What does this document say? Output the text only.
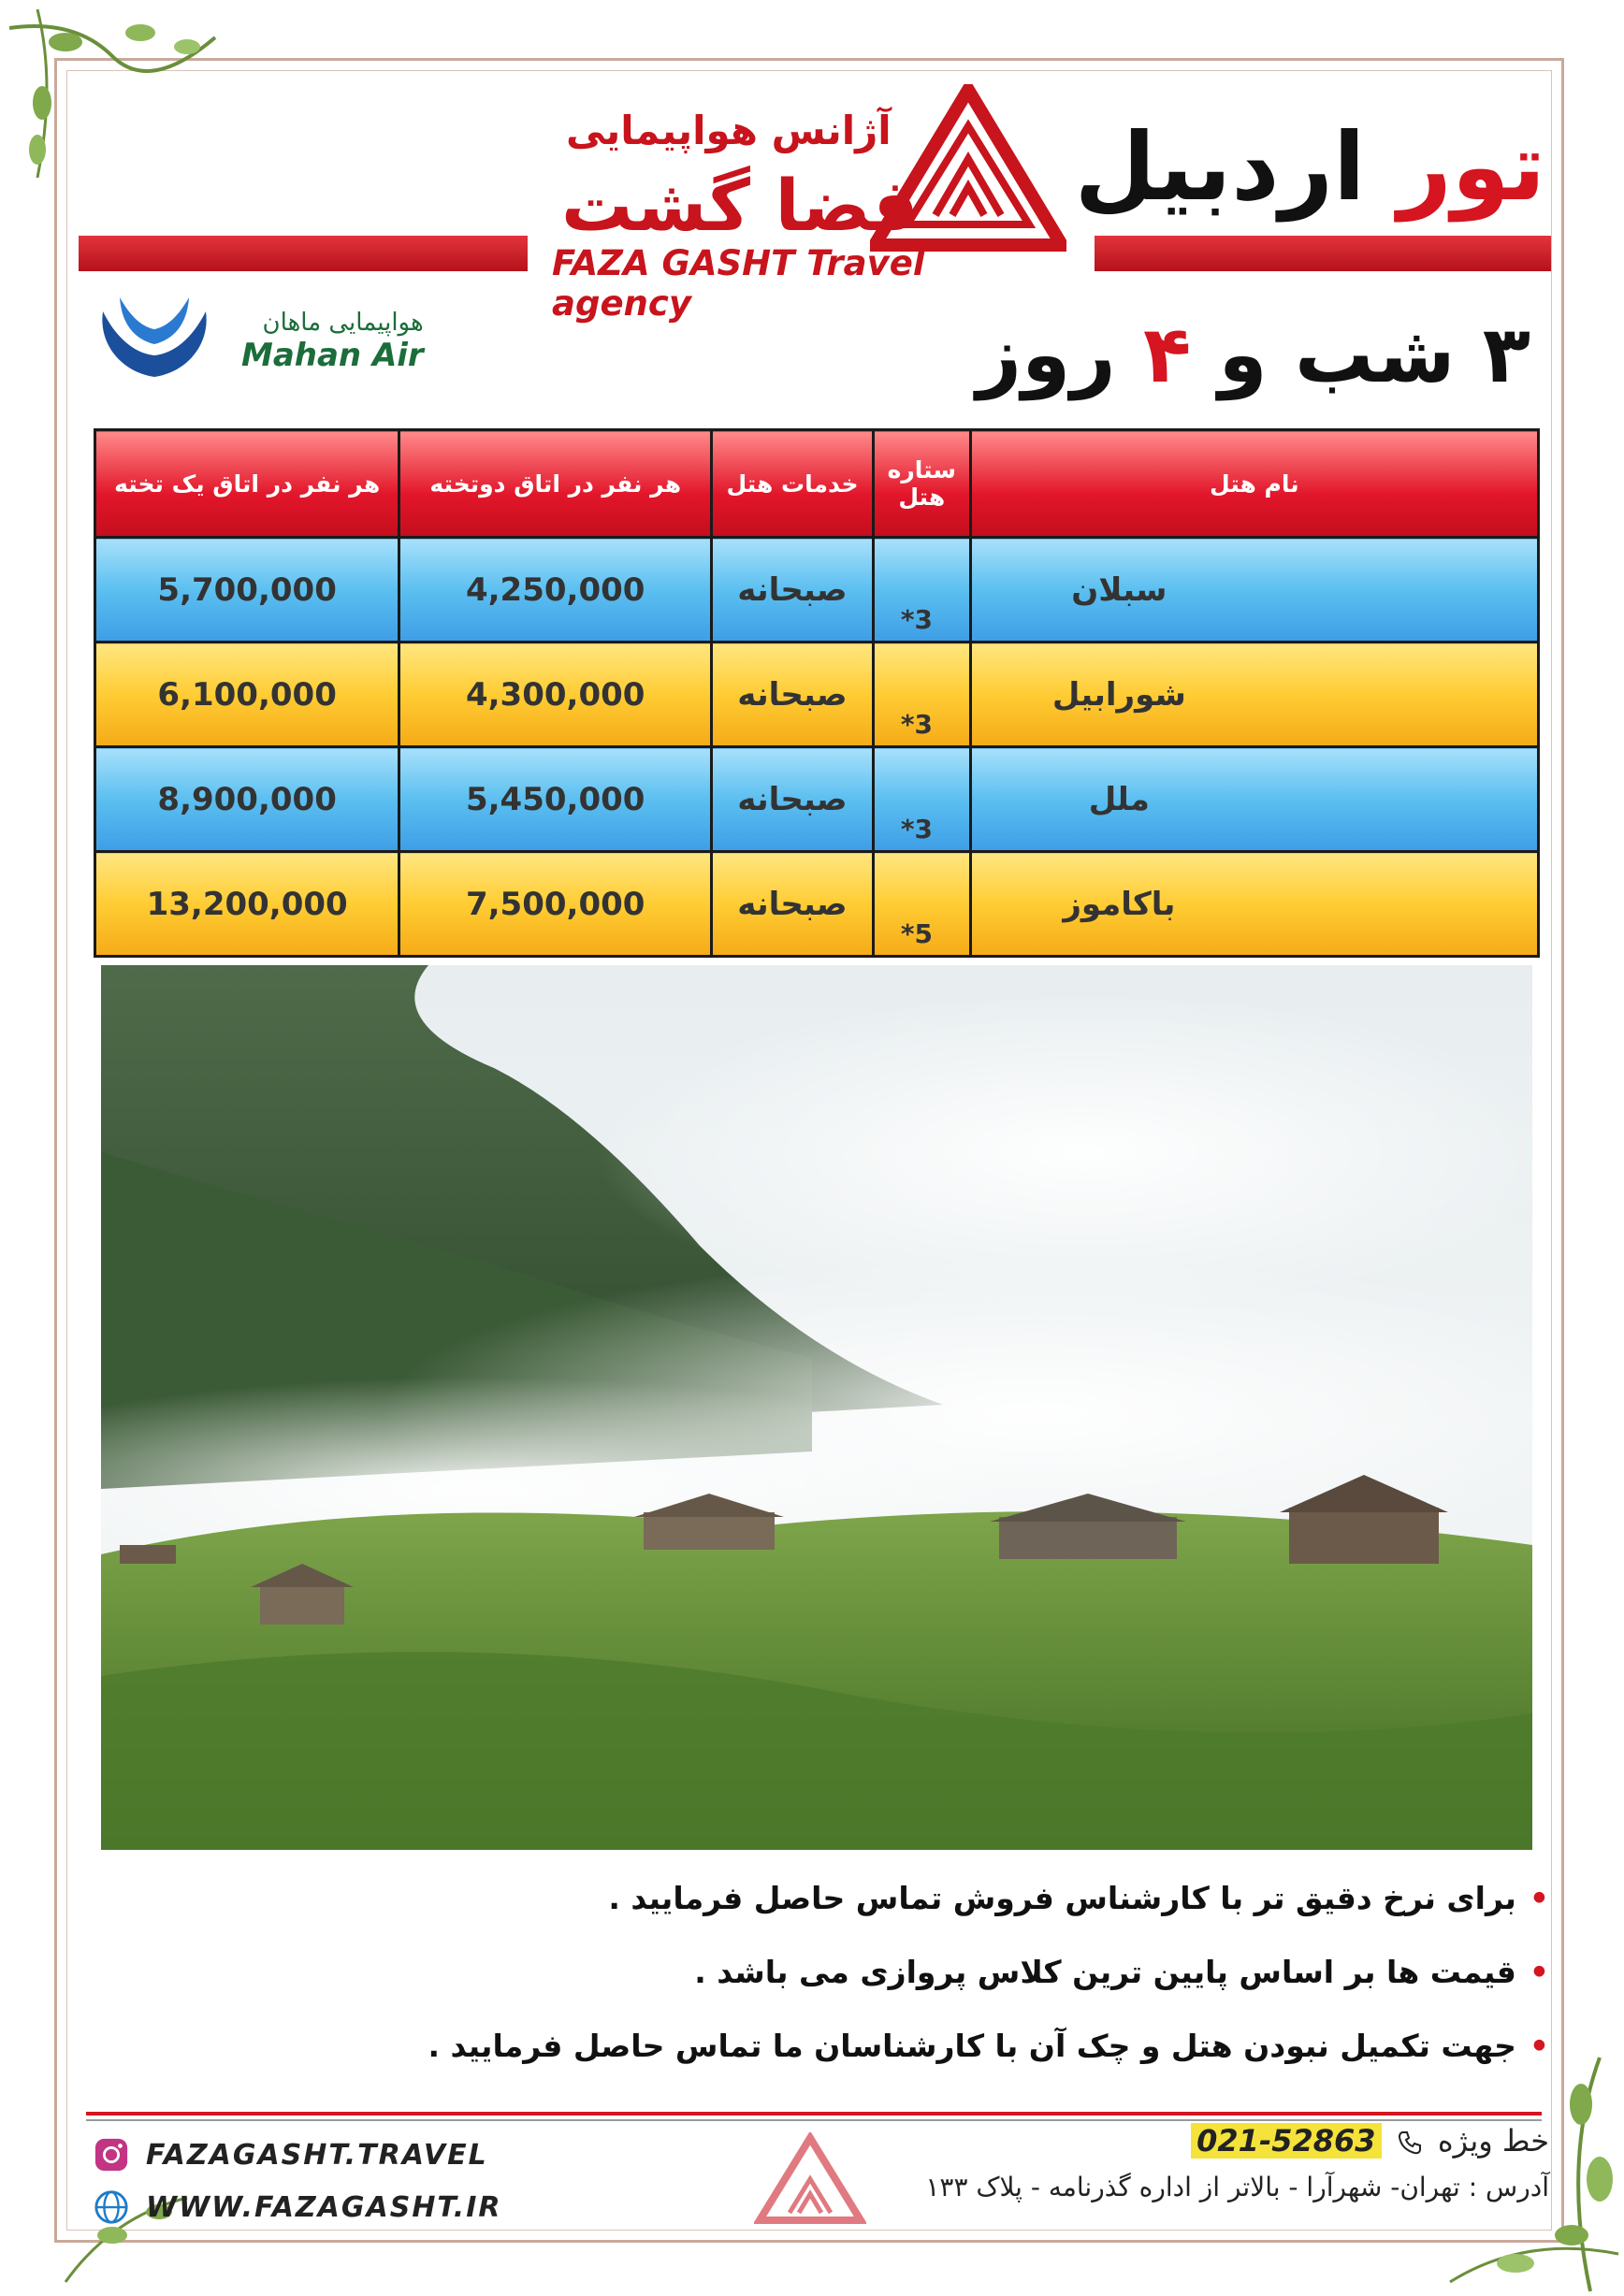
آژانس هواپیمایی
فضا گشت
FAZA GASHT Travel agency
تور اردبیل
۳ شب و ۴ روز
هواپیمایی ماهان
Mahan Air
نام هتل	ستاره هتل	خدمات هتل	هر نفر در اتاق دوتخته	هر نفر در اتاق یک تخته
سبلان	3*	صبحانه	4,250,000	5,700,000
شورابیل	3*	صبحانه	4,300,000	6,100,000
ملل	3*	صبحانه	5,450,000	8,900,000
باکاموز	5*	صبحانه	7,500,000	13,200,000
•برای نرخ دقیق تر با کارشناس فروش تماس حاصل فرمایید .
•قیمت ها بر اساس پایین ترین کلاس پروازی می باشد .
•جهت تکمیل نبودن هتل و چک آن با کارشناسان ما تماس حاصل فرمایید .
FAZAGASHT.TRAVEL
WWW.FAZAGASHT.IR
خط ویژه  021-52863
آدرس : تهران- شهرآرا - بالاتر از اداره گذرنامه - پلاک ۱۳۳
